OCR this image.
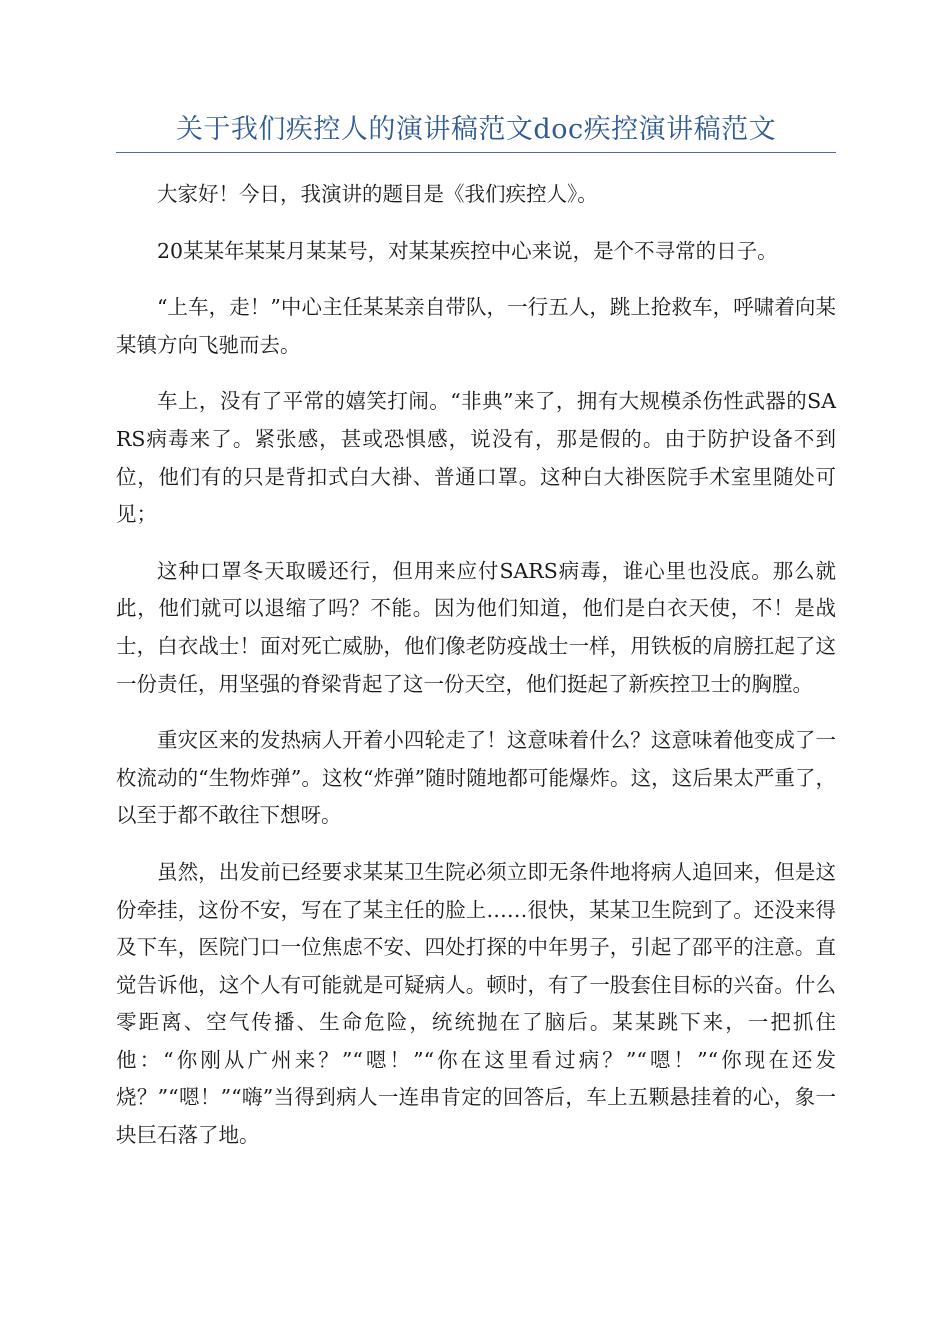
关于我们疾控人的演讲稿范文doc疾控演讲稿范文

大家好！今日，我演讲的题目是《我们疾控人》。

20某某年某某月某某号，对某某疾控中心来说，是个不寻常的日子。

“上车，走！”中心主任某某亲自带队，一行五人，跳上抢救车，呼啸着向某某镇方向飞驰而去。

车上，没有了平常的嬉笑打闹。“非典”来了，拥有大规模杀伤性武器的SARS病毒来了。紧张感，甚或恐惧感，说没有，那是假的。由于防护设备不到位，他们有的只是背扣式白大褂、普通口罩。这种白大褂医院手术室里随处可见；

这种口罩冬天取暖还行，但用来应付SARS病毒，谁心里也没底。那么就此，他们就可以退缩了吗？不能。因为他们知道，他们是白衣天使，不！是战士，白衣战士！面对死亡威胁，他们像老防疫战士一样，用铁板的肩膀扛起了这一份责任，用坚强的脊梁背起了这一份天空，他们挺起了新疾控卫士的胸膛。

重灾区来的发热病人开着小四轮走了！这意味着什么？这意味着他变成了一枚流动的“生物炸弹”。这枚“炸弹”随时随地都可能爆炸。这，这后果太严重了，以至于都不敢往下想呀。

虽然，出发前已经要求某某卫生院必须立即无条件地将病人追回来，但是这份牵挂，这份不安，写在了某主任的脸上……很快，某某卫生院到了。还没来得及下车，医院门口一位焦虑不安、四处打探的中年男子，引起了邵平的注意。直觉告诉他，这个人有可能就是可疑病人。顿时，有了一股套住目标的兴奋。什么零距离、空气传播、生命危险，统统抛在了脑后。某某跳下来，一把抓住他：“你刚从广州来？”“嗯！”“你在这里看过病？”“嗯！”“你现在还发烧？”“嗯！”“嗨”当得到病人一连串肯定的回答后，车上五颗悬挂着的心，象一块巨石落了地。
